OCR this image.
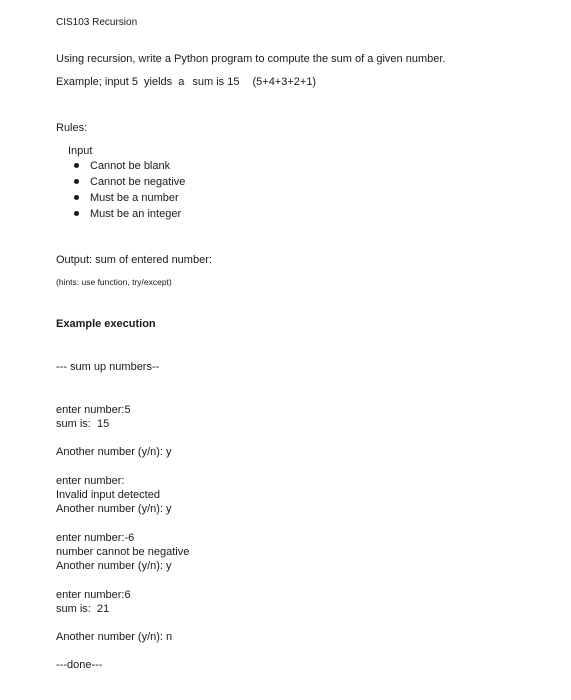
CIS103 Recursion
Using recursion, write a Python program to compute the sum of a given number.
Example; input 5  yields  a sum is 15 (5+4+3+2+1)
Rules:
Input
Cannot be blank
Cannot be negative
Must be a number
Must be an integer
Output: sum of entered number:
(hints: use function, try/except)
Example execution
--- sum up numbers--
enter number:5
sum is:  15
Another number (y/n): y
enter number:
Invalid input detected
Another number (y/n): y
enter number:-6
number cannot be negative
Another number (y/n): y
enter number:6
sum is:  21
Another number (y/n): n
---done---
